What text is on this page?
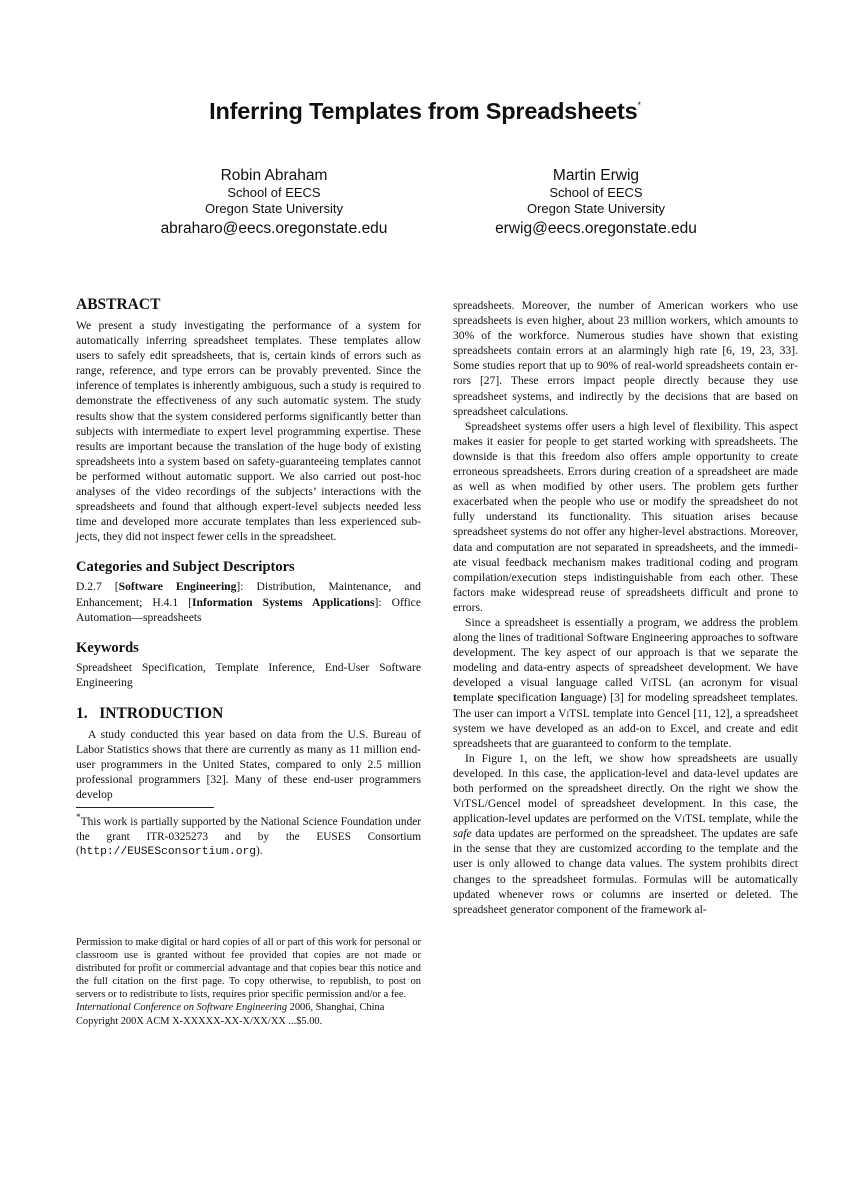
Inferring Templates from Spreadsheets*
Robin Abraham
School of EECS
Oregon State University
abraharo@eecs.oregonstate.edu
Martin Erwig
School of EECS
Oregon State University
erwig@eecs.oregonstate.edu
ABSTRACT

We present a study investigating the performance of a system for automatically inferring spreadsheet templates. These templates allow users to safely edit spreadsheets, that is, certain kinds of errors such as range, reference, and type errors can be provably prevented. Since the inference of templates is inherently ambiguous, such a study is required to demonstrate the effectiveness of any such automatic system. The study results show that the system considered performs significantly better than subjects with intermediate to expert level programming expertise. These results are important because the translation of the huge body of existing spreadsheets into a system based on safety-guaranteeing templates cannot be performed without automatic support. We also carried out post-hoc analyses of the video recordings of the subjects’ interactions with the spreadsheets and found that although expert-level subjects needed less time and developed more accurate templates than less experienced subjects, they did not inspect fewer cells in the spreadsheet.

Categories and Subject Descriptors

D.2.7 [Software Engineering]: Distribution, Maintenance, and Enhancement; H.4.1 [Information Systems Applications]: Office Automation—spreadsheets

Keywords

Spreadsheet Specification, Template Inference, End-User Software Engineering

1.   INTRODUCTION

A study conducted this year based on data from the U.S. Bureau of Labor Statistics shows that there are currently as many as 11 million end-user programmers in the United States, compared to only 2.5 million professional programmers [32]. Many of these end-user programmers develop

*This work is partially supported by the National Science Foundation under the grant ITR-0325273 and by the EUSES Consortium (http://EUSESconsortium.org).

Permission to make digital or hard copies of all or part of this work for personal or classroom use is granted without fee provided that copies are not made or distributed for profit or commercial advantage and that copies bear this notice and the full citation on the first page. To copy otherwise, to republish, to post on servers or to redistribute to lists, requires prior specific permission and/or a fee.
International Conference on Software Engineering 2006, Shanghai, China
Copyright 200X ACM X-XXXXX-XX-X/XX/XX ...$5.00.

spreadsheets. Moreover, the number of American workers who use spreadsheets is even higher, about 23 million workers, which amounts to 30% of the workforce. Numerous studies have shown that existing spreadsheets contain errors at an alarmingly high rate [6, 19, 23, 33]. Some studies report that up to 90% of real-world spreadsheets contain errors [27]. These errors impact people directly because they use spreadsheet systems, and indirectly by the decisions that are based on spreadsheet calculations.

Spreadsheet systems offer users a high level of flexibility. This aspect makes it easier for people to get started working with spreadsheets. The downside is that this freedom also offers ample opportunity to create erroneous spreadsheets. Errors during creation of a spreadsheet are made as well as when modified by other users. The problem gets further exacerbated when the people who use or modify the spreadsheet do not fully understand its functionality. This situation arises because spreadsheet systems do not offer any higher-level abstractions. Moreover, data and computation are not separated in spreadsheets, and the immediate visual feedback mechanism makes traditional coding and program compilation/execution steps indistinguishable from each other. These factors make widespread reuse of spreadsheets difficult and prone to errors.

Since a spreadsheet is essentially a program, we address the problem along the lines of traditional Software Engineering approaches to software development. The key aspect of our approach is that we separate the modeling and data-entry aspects of spreadsheet development. We have developed a visual language called ViTSL (an acronym for visual template specification language) [3] for modeling spreadsheet templates. The user can import a ViTSL template into Gencel [11, 12], a spreadsheet system we have developed as an add-on to Excel, and create and edit spreadsheets that are guaranteed to conform to the template.

In Figure 1, on the left, we show how spreadsheets are usually developed. In this case, the application-level and data-level updates are both performed on the spreadsheet directly. On the right we show the ViTSL/Gencel model of spreadsheet development. In this case, the application-level updates are performed on the ViTSL template, while the safe data updates are performed on the spreadsheet. The updates are safe in the sense that they are customized according to the template and the user is only allowed to change data values. The system prohibits direct changes to the spreadsheet formulas. Formulas will be automatically updated whenever rows or columns are inserted or deleted. The spreadsheet generator component of the framework al-
